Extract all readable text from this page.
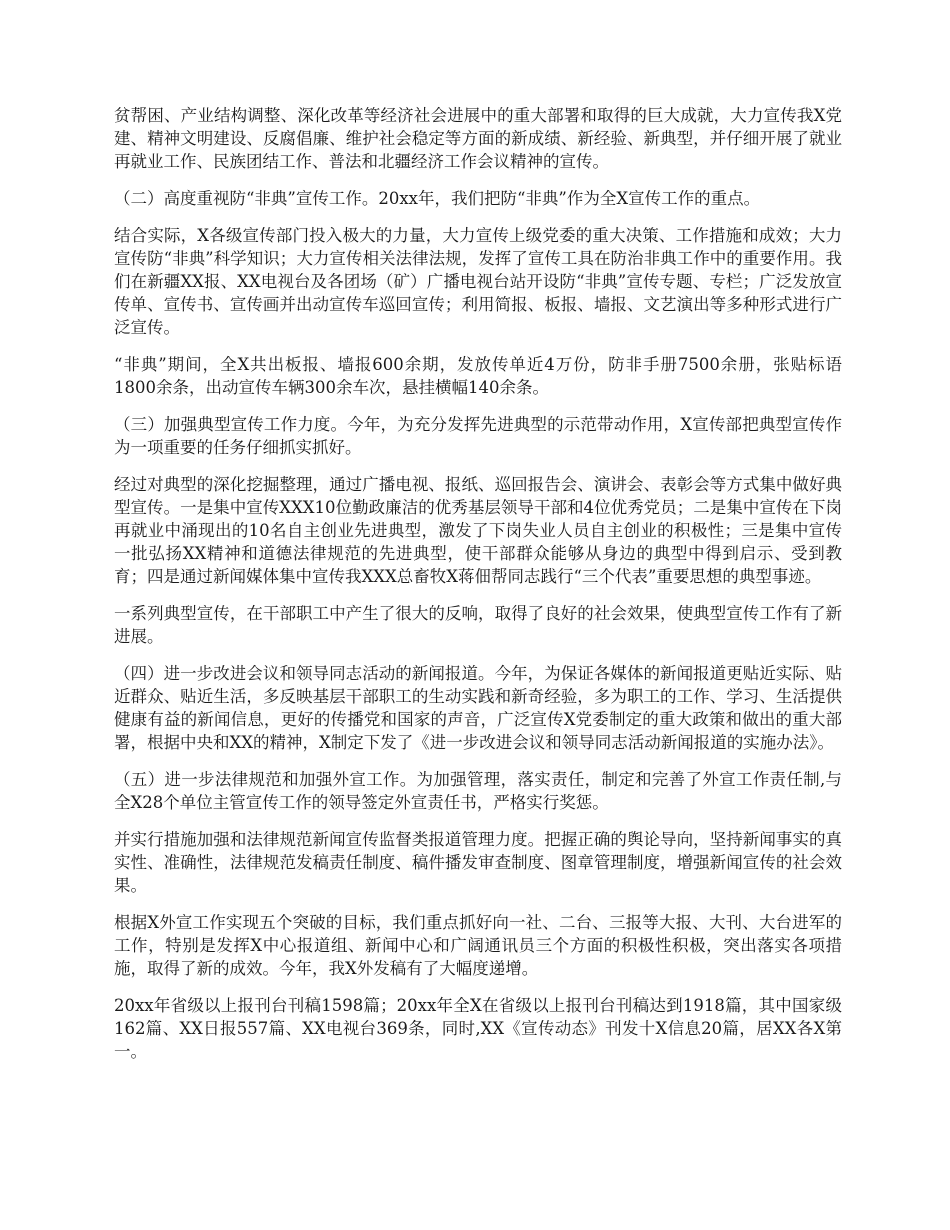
贫帮困、产业结构调整、深化改革等经济社会进展中的重大部署和取得的巨大成就，大力宣传我X党建、精神文明建设、反腐倡廉、维护社会稳定等方面的新成绩、新经验、新典型，并仔细开展了就业再就业工作、民族团结工作、普法和北疆经济工作会议精神的宣传。

（二）高度重视防“非典”宣传工作。20xx年，我们把防“非典”作为全X宣传工作的重点。

结合实际，X各级宣传部门投入极大的力量，大力宣传上级党委的重大决策、工作措施和成效；大力宣传防“非典”科学知识；大力宣传相关法律法规，发挥了宣传工具在防治非典工作中的重要作用。我们在新疆XX报、XX电视台及各团场（矿）广播电视台站开设防“非典”宣传专题、专栏；广泛发放宣传单、宣传书、宣传画并出动宣传车巡回宣传；利用简报、板报、墙报、文艺演出等多种形式进行广泛宣传。

“非典”期间，全X共出板报、墙报600余期，发放传单近4万份，防非手册7500余册，张贴标语1800余条，出动宣传车辆300余车次，悬挂横幅140余条。

（三）加强典型宣传工作力度。今年，为充分发挥先进典型的示范带动作用，X宣传部把典型宣传作为一项重要的任务仔细抓实抓好。

经过对典型的深化挖掘整理，通过广播电视、报纸、巡回报告会、演讲会、表彰会等方式集中做好典型宣传。一是集中宣传XXX10位勤政廉洁的优秀基层领导干部和4位优秀党员；二是集中宣传在下岗再就业中涌现出的10名自主创业先进典型，激发了下岗失业人员自主创业的积极性；三是集中宣传一批弘扬XX精神和道德法律规范的先进典型，使干部群众能够从身边的典型中得到启示、受到教育；四是通过新闻媒体集中宣传我XXX总畜牧X蒋佃帮同志践行“三个代表”重要思想的典型事迹。

一系列典型宣传，在干部职工中产生了很大的反响，取得了良好的社会效果，使典型宣传工作有了新进展。

（四）进一步改进会议和领导同志活动的新闻报道。今年，为保证各媒体的新闻报道更贴近实际、贴近群众、贴近生活，多反映基层干部职工的生动实践和新奇经验，多为职工的工作、学习、生活提供健康有益的新闻信息，更好的传播党和国家的声音，广泛宣传X党委制定的重大政策和做出的重大部署，根据中央和XX的精神，X制定下发了《进一步改进会议和领导同志活动新闻报道的实施办法》。

（五）进一步法律规范和加强外宣工作。为加强管理，落实责任，制定和完善了外宣工作责任制,与全X28个单位主管宣传工作的领导签定外宣责任书，严格实行奖惩。

并实行措施加强和法律规范新闻宣传监督类报道管理力度。把握正确的舆论导向，坚持新闻事实的真实性、准确性，法律规范发稿责任制度、稿件播发审查制度、图章管理制度，增强新闻宣传的社会效果。

根据X外宣工作实现五个突破的目标，我们重点抓好向一社、二台、三报等大报、大刊、大台进军的工作，特别是发挥X中心报道组、新闻中心和广阔通讯员三个方面的积极性积极，突出落实各项措施，取得了新的成效。今年，我X外发稿有了大幅度递增。

20xx年省级以上报刊台刊稿1598篇；20xx年全X在省级以上报刊台刊稿达到1918篇，其中国家级162篇、XX日报557篇、XX电视台369条，同时,XX《宣传动态》刊发十X信息20篇，居XX各X第一。
